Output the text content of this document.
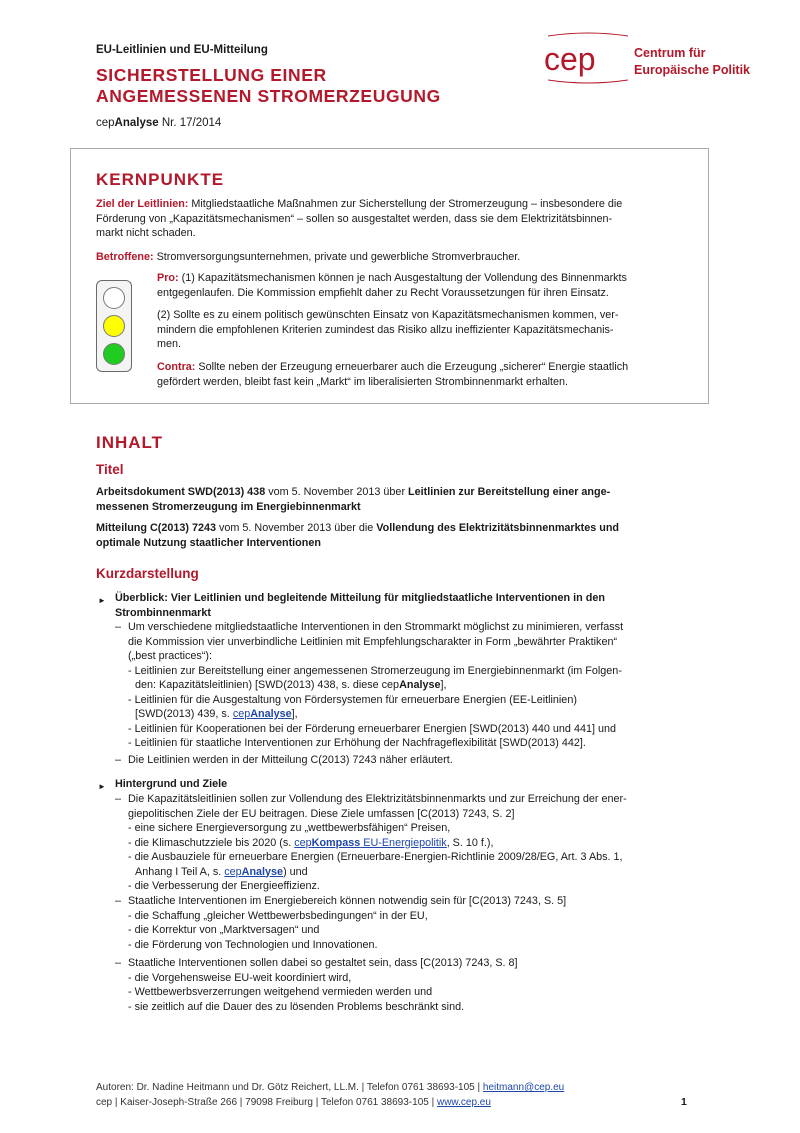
EU-Leitlinien und EU-Mitteilung
SICHERSTELLUNG EINER
ANGEMESSENEN STROMERZEUGUNG
cepAnalyse Nr. 17/2014
cep	Centrum für
Europäische Politik
KERNPUNKTE
Ziel der Leitlinien: Mitgliedstaatliche Maßnahmen zur Sicherstellung der Stromerzeugung – insbesondere die
Förderung von „Kapazitätsmechanismen“ – sollen so ausgestaltet werden, dass sie dem Elektrizitätsbinnen-
markt nicht schaden.
Betroffene: Stromversorgungsunternehmen, private und gewerbliche Stromverbraucher.
Pro: (1) Kapazitätsmechanismen können je nach Ausgestaltung der Vollendung des Binnenmarkts
entgegenlaufen. Die Kommission empfiehlt daher zu Recht Voraussetzungen für ihren Einsatz.
(2) Sollte es zu einem politisch gewünschten Einsatz von Kapazitätsmechanismen kommen, ver-
mindern die empfohlenen Kriterien zumindest das Risiko allzu ineffizienter Kapazitätsmechanis-
men.
Contra: Sollte neben der Erzeugung erneuerbarer auch die Erzeugung „sicherer“ Energie staatlich
gefördert werden, bleibt fast kein „Markt“ im liberalisierten Strombinnenmarkt erhalten.
INHALT
Titel
Arbeitsdokument SWD(2013) 438 vom 5. November 2013 über Leitlinien zur Bereitstellung einer ange-
messenen Stromerzeugung im Energiebinnenmarkt
Mitteilung C(2013) 7243 vom 5. November 2013 über die Vollendung des Elektrizitätsbinnenmarktes und
optimale Nutzung staatlicher Interventionen
Kurzdarstellung
► Überblick: Vier Leitlinien und begleitende Mitteilung für mitgliedstaatliche Interventionen in den
Strombinnenmarkt
– Um verschiedene mitgliedstaatliche Interventionen in den Strommarkt möglichst zu minimieren, verfasst
die Kommission vier unverbindliche Leitlinien mit Empfehlungscharakter in Form „bewährter Praktiken“
(„best practices“):
- Leitlinien zur Bereitstellung einer angemessenen Stromerzeugung im Energiebinnenmarkt (im Folgen-
den: Kapazitätsleitlinien) [SWD(2013) 438, s. diese cepAnalyse],
- Leitlinien für die Ausgestaltung von Fördersystemen für erneuerbare Energien (EE-Leitlinien)
[SWD(2013) 439, s. cepAnalyse],
- Leitlinien für Kooperationen bei der Förderung erneuerbarer Energien [SWD(2013) 440 und 441] und
- Leitlinien für staatliche Interventionen zur Erhöhung der Nachfrageflexibilität [SWD(2013) 442].
– Die Leitlinien werden in der Mitteilung C(2013) 7243 näher erläutert.
► Hintergrund und Ziele
– Die Kapazitätsleitlinien sollen zur Vollendung des Elektrizitätsbinnenmarkts und zur Erreichung der ener-
giepolitischen Ziele der EU beitragen. Diese Ziele umfassen [C(2013) 7243, S. 2]
- eine sichere Energieversorgung zu „wettbewerbsfähigen“ Preisen,
- die Klimaschutzziele bis 2020 (s. cepKompass EU-Energiepolitik, S. 10 f.),
- die Ausbauziele für erneuerbare Energien (Erneuerbare-Energien-Richtlinie 2009/28/EG, Art. 3 Abs. 1,
Anhang I Teil A, s. cepAnalyse) und
- die Verbesserung der Energieeffizienz.
– Staatliche Interventionen im Energiebereich können notwendig sein für [C(2013) 7243, S. 5]
- die Schaffung „gleicher Wettbewerbsbedingungen“ in der EU,
- die Korrektur von „Marktversagen“ und
- die Förderung von Technologien und Innovationen.
– Staatliche Interventionen sollen dabei so gestaltet sein, dass [C(2013) 7243, S. 8]
- die Vorgehensweise EU-weit koordiniert wird,
- Wettbewerbsverzerrungen weitgehend vermieden werden und
- sie zeitlich auf die Dauer des zu lösenden Problems beschränkt sind.
Autoren: Dr. Nadine Heitmann und Dr. Götz Reichert, LL.M. | Telefon 0761 38693-105 | heitmann@cep.eu
cep | Kaiser-Joseph-Straße 266 | 79098 Freiburg | Telefon 0761 38693-105 | www.cep.eu	1
